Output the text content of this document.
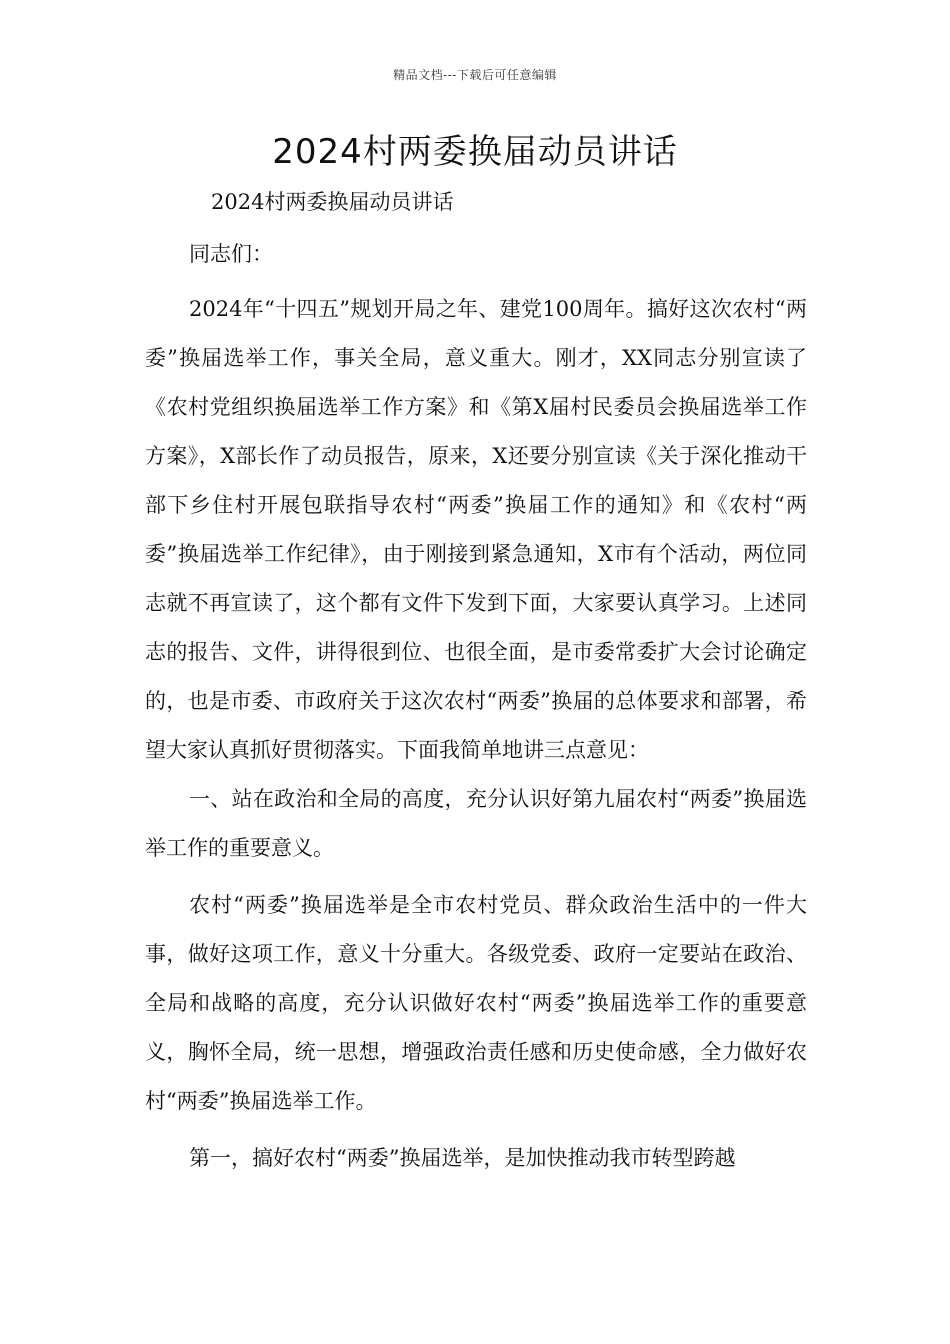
精品文档---下载后可任意编辑
2024村两委换届动员讲话

2024村两委换届动员讲话

同志们：

2024年“十四五”规划开局之年、建党100周年。搞好这次农村“两委”换届选举工作，事关全局，意义重大。刚才，XX同志分别宣读了《农村党组织换届选举工作方案》和《第X届村民委员会换届选举工作方案》，X部长作了动员报告，原来，X还要分别宣读《关于深化推动干部下乡住村开展包联指导农村“两委”换届工作的通知》和《农村“两委”换届选举工作纪律》，由于刚接到紧急通知，X市有个活动，两位同志就不再宣读了，这个都有文件下发到下面，大家要认真学习。上述同志的报告、文件，讲得很到位、也很全面，是市委常委扩大会讨论确定的，也是市委、市政府关于这次农村“两委”换届的总体要求和部署，希望大家认真抓好贯彻落实。下面我简单地讲三点意见：

一、站在政治和全局的高度，充分认识好第九届农村“两委”换届选举工作的重要意义。

农村“两委”换届选举是全市农村党员、群众政治生活中的一件大事，做好这项工作，意义十分重大。各级党委、政府一定要站在政治、全局和战略的高度，充分认识做好农村“两委”换届选举工作的重要意义，胸怀全局，统一思想，增强政治责任感和历史使命感，全力做好农村“两委”换届选举工作。

第一，搞好农村“两委”换届选举，是加快推动我市转型跨越
